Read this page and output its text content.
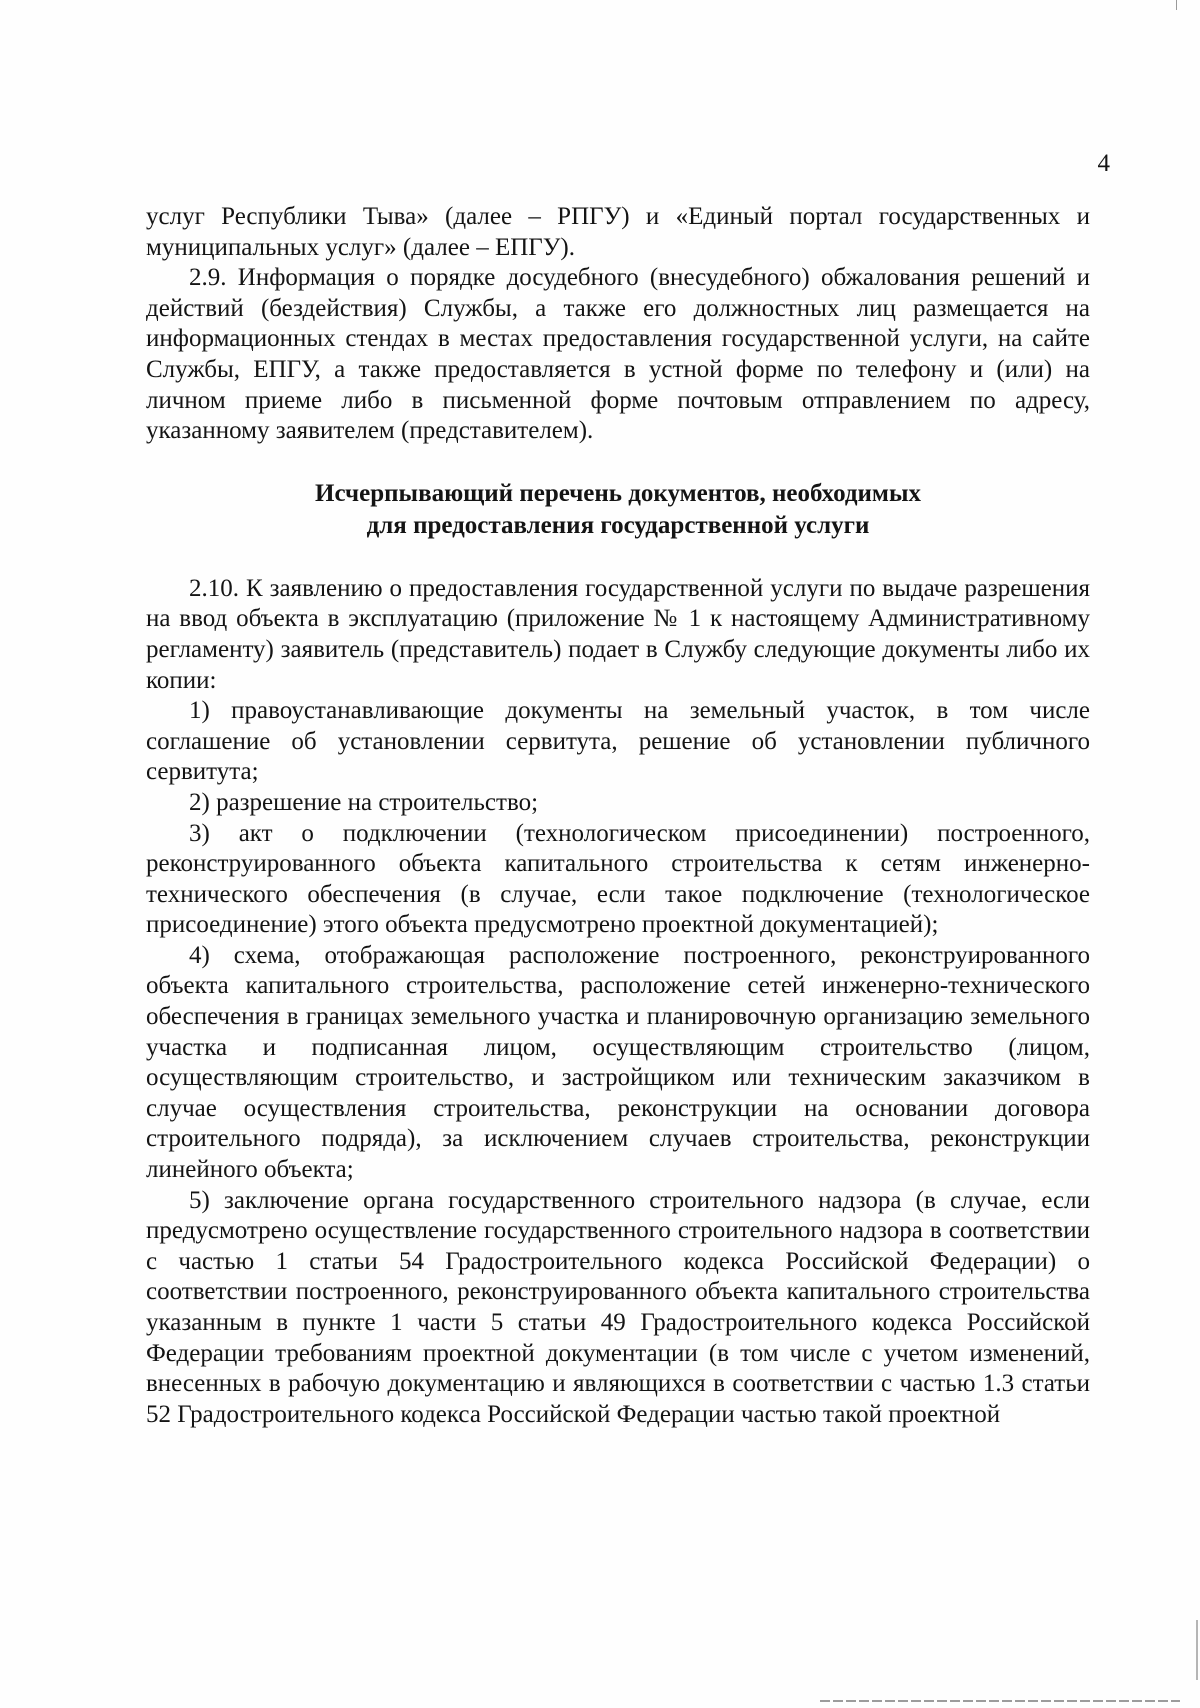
4

услуг Республики Тыва» (далее – РПГУ) и «Единый портал государственных и муниципальных услуг» (далее – ЕПГУ).

2.9. Информация о порядке досудебного (внесудебного) обжалования решений и действий (бездействия) Службы, а также его должностных лиц размещается на информационных стендах в местах предоставления государственной услуги, на сайте Службы, ЕПГУ, а также предоставляется в устной форме по телефону и (или) на личном приеме либо в письменной форме почтовым отправлением по адресу, указанному заявителем (представителем).

Исчерпывающий перечень документов, необходимых
для предоставления государственной услуги

2.10. К заявлению о предоставления государственной услуги по выдаче разрешения на ввод объекта в эксплуатацию (приложение № 1 к настоящему Административному регламенту) заявитель (представитель) подает в Службу следующие документы либо их копии:

1) правоустанавливающие документы на земельный участок, в том числе соглашение об установлении сервитута, решение об установлении публичного сервитута;

2) разрешение на строительство;

3) акт о подключении (технологическом присоединении) построенного, реконструированного объекта капитального строительства к сетям инженерно-технического обеспечения (в случае, если такое подключение (технологическое присоединение) этого объекта предусмотрено проектной документацией);

4) схема, отображающая расположение построенного, реконструированного объекта капитального строительства, расположение сетей инженерно-технического обеспечения в границах земельного участка и планировочную организацию земельного участка и подписанная лицом, осуществляющим строительство (лицом, осуществляющим строительство, и застройщиком или техническим заказчиком в случае осуществления строительства, реконструкции на основании договора строительного подряда), за исключением случаев строительства, реконструкции линейного объекта;

5) заключение органа государственного строительного надзора (в случае, если предусмотрено осуществление государственного строительного надзора в соответствии с частью 1 статьи 54 Градостроительного кодекса Российской Федерации) о соответствии построенного, реконструированного объекта капитального строительства указанным в пункте 1 части 5 статьи 49 Градостроительного кодекса Российской Федерации требованиям проектной документации (в том числе с учетом изменений, внесенных в рабочую документацию и являющихся в соответствии с частью 1.3 статьи 52 Градостроительного кодекса Российской Федерации частью такой проектной
